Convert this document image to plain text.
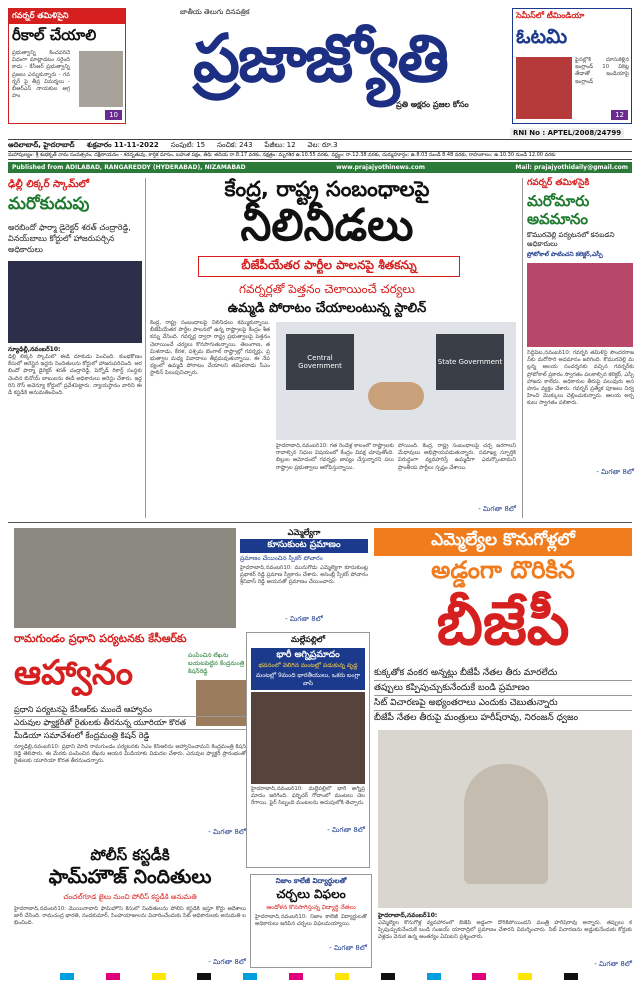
గవర్నర్ తమిళిసైని
రీకాల్ చేయాలి
ప్రభుత్వాన్ని కించపరిచే విధంగా మాట్లాడటం సరైంది కాదు - కేసీఆర్ ప్రభుత్వాన్ని ప్రజలు ఎన్నుకున్నారు - గవర్నర్ పై తీవ్ర విమర్శలు - బీఆర్ఎస్ నాయకుల ఆగ్రహం
10
జాతీయ తెలుగు దినపత్రిక
ప్రజాజ్యోతి
ప్రతి అక్షరం ప్రజల కోసం
సెమీస్‌లో టీమిండియా
ఓటమి
ఫైనల్లోకి దూసుకెళ్లిన ఇంగ్లాండ్ 10 వికెట్ల తేడాతో ఇండియాపై ఇంగ్లాండ్
12
RNI No : APTEL/2008/24799
ఆదిలాబాద్, హైదరాబాద్ శుక్రవారం 11-11-2022 సంపుటి: 15 సంచిక: 243 పేజీలు: 12 వెల: రూ.3
మహాపుణ్యం: శ్రీ శుభకృత్ నామ సంవత్సరం, దక్షిణాయనం - శరదృతువు, కార్తిక మాసం, బహుళ పక్షం, తిథి: తదియ రా.8.17 వరకు, నక్షత్రం: మృగశిర ఉ.10.55 వరకు, వర్జ్యం: రా.12.38 వరకు, దుర్ముహూర్తం: ఉ.8.03 నుండి 8.48 వరకు, రాహుకాలం: ఉ.10.30 నుండి 12.00 వరకు
Published from ADILABAD, RANGAREDDY (HYDERABAD), NIZAMABAD	www.prajajyothinews.com	Mail: prajajyothidaily@gmail.com
ఢిల్లీ లిక్కర్ స్కామ్‌లో
మరోకుదుపు
అరబిందో ఫార్మా డైరెక్టర్ శరత్ చంద్రారెడ్డి, వినయ్‌బాబు కోర్టులో హాజరుపర్చిన అధికారులు
న్యూఢిల్లీ,నవంబర్10:
ఢిల్లీ లిక్కర్ స్కామ్‌లో ఈడీ దూకుడు పెంచింది. కుంభకోణం కేసులో అరెస్టైన ఇద్దరు నిందితులను కోర్టులో హాజరుపరిచింది. అరబిందో ఫార్మా డైరెక్టర్ శరత్ చంద్రారెడ్డి, పెర్నోడ్ రికార్డ్ సంస్థకు చెందిన బినోయ్ బాబులను ఈడీ అధికారులు అరెస్టు చేశారు. ఇద్దరిని రౌస్ అవెన్యూ కోర్టులో ప్రవేశపెట్టారు. న్యాయస్థానం వారిని ఈడీ కస్టడీకి అనుమతించింది.
కేంద్ర, రాష్ట్ర సంబంధాలపై
నీలినీడలు
బీజేపీయేతర పార్టీల పాలనపై శీతకన్ను
గవర్నర్లతో పెత్తనం చెలాయించే చర్యలు
ఉమ్మడి పోరాటం చేయాలంటున్న స్టాలిన్
కేంద్ర, రాష్ట్ర సంబంధాలపై నీలినీడలు కమ్ముకున్నాయి. బీజేపీయేతర పార్టీల పాలనలో ఉన్న రాష్ట్రాలపై కేంద్రం శీతకన్ను వేసింది. గవర్నర్ల ద్వారా రాష్ట్ర ప్రభుత్వాలపై పెత్తనం చెలాయించే చర్యలు కొనసాగుతున్నాయి. తెలంగాణ, తమిళనాడు, కేరళ, పశ్చిమ బెంగాల్ రాష్ట్రాల్లో గవర్నర్లు, ప్రభుత్వాల మధ్య వివాదాలు తీవ్రమవుతున్నాయి. ఈ నేపథ్యంలో ఉమ్మడి పోరాటం చేయాలని తమిళనాడు సీఎం స్టాలిన్ పిలుపునిచ్చారు.
Central Government	State Government
హైదరాబాద్,నవంబర్10: గత రెండేళ్ల కాలంలో రాష్ట్రాలకు రావాల్సిన నిధుల విషయంలో కేంద్రం వివక్ష చూపుతోంది. బిల్లుల ఆమోదంలో గవర్నర్లు జాప్యం చేస్తున్నారని పలు రాష్ట్రాల ప్రభుత్వాలు ఆరోపిస్తున్నాయి.
పోయింది. కేంద్ర, రాష్ట్ర సంబంధాలపై చర్చ జరగాలని మేధావులు అభిప్రాయపడుతున్నారు. సమాఖ్య స్ఫూర్తికి విరుద్ధంగా వ్యవహరిస్తే ఉమ్మడిగా ఎదుర్కొంటామని ప్రాంతీయ పార్టీలు స్పష్టం చేశాయి.
- మిగతా 8లో
గవర్నర్ తమిళసైకి
మరోమారు అవమానం
కొమురవెల్లి పర్యటనలో కనబడని అధికారులు
ప్రోటోకాల్ పాటించని కలెక్టర్,ఎస్పీ
సిద్దిపేట,నవంబర్10: గవర్నర్ తమిళిసై సౌందరరాజన్‌కు మరోసారి అవమానం జరిగింది. కొమురవెల్లి మల్లన్న ఆలయ సందర్శనకు వచ్చిన గవర్నర్‌కు ప్రోటోకాల్ ప్రకారం స్వాగతం పలకాల్సిన కలెక్టర్, ఎస్పీ హాజరు కాలేదు. అధికారుల తీరుపై పలువురు అసహనం వ్యక్తం చేశారు. గవర్నర్ ప్రత్యేక పూజలు నిర్వహించి మొక్కులు చెల్లించుకున్నారు. ఆలయ అర్చకులు స్వాగతం పలికారు.
- మిగతా 8లో
ఎమ్మెల్యేగా
కూసుకుంట ప్రమాణం
ప్రమాణం చేయించిన స్పీకర్ పోచారం
హైదరాబాద్,నవంబర్10: మునుగోడు ఎమ్మెల్యేగా కూసుకుంట్ల ప్రభాకర్ రెడ్డి ప్రమాణ స్వీకారం చేశారు. అసెంబ్లీ స్పీకర్ పోచారం శ్రీనివాస్ రెడ్డి ఆయనతో ప్రమాణం చేయించారు.
- మిగతా 8లో
ఎమ్మెల్యేల కొనుగోళ్లలో
అడ్డంగా దొరికిన
బీజేపీ
కుక్కతోక వంకర అన్నట్లు బీజేపీ నేతల తీరు మారలేదు
తప్పులు కప్పిపుచ్చుకునేందుకే బండి ప్రమాణం
సిట్ విచారణపై అభ్యంతరాలు ఎందుకు చెబుతున్నారు
బీజేపీ నేతల తీరుపై మంత్రులు హరీష్‌రావు, నిరంజన్ ధ్వజం
హైదరాబాద్,నవంబర్10:
ఎమ్మెల్యేల కొనుగోళ్ల వ్యవహారంలో బీజేపీ అడ్డంగా దొరికిపోయిందని మంత్రి హరీష్‌రావు అన్నారు. తప్పులు కప్పిపుచ్చుకునేందుకే బండి సంజయ్ యాదాద్రిలో ప్రమాణం చేశారని విమర్శించారు. సిట్ విచారణను అడ్డుకునేందుకు కోర్టుకు వెళ్లడం వెనుక ఉన్న ఆంతర్యం ఏమిటని ప్రశ్నించారు.
- మిగతా 8లో
రామగుండం ప్రధాని పర్యటనకు కేసీఆర్‌కు
ఆహ్వానం	పంపించిన లేఖను బయటపెట్టిన కేంద్రమంత్రి కిషన్‌రెడ్డి
ప్రధాని పర్యటనపై కేసీఆర్‌కు ముందే ఆహ్వానం
ఎరువుల ఫ్యాక్టరీతో రైతులకు తీరనున్న యూరియా కొరత
మీడియా సమావేశంలో కేంద్రమంత్రి కిషన్ రెడ్డి
న్యూఢిల్లీ,నవంబర్10: ప్రధాని మోదీ రామగుండం పర్యటనకు సీఎం కేసీఆర్‌ను ఆహ్వానించామని కేంద్రమంత్రి కిషన్ రెడ్డి తెలిపారు. ఈ మేరకు పంపించిన లేఖను ఆయన మీడియాకు విడుదల చేశారు. ఎరువుల ఫ్యాక్టరీ ప్రారంభంతో రైతులకు యూరియా కొరత తీరనుందన్నారు.
- మిగతా 8లో
మల్లేపల్లిలో
భారీ అగ్నిప్రమాదం
భవనంలో వెలిగిన మంటల్లో పడుకున్న వృద్ధ
మంటల్లో 9మంది భారతీయులు, ఒకరు బంగ్లా వాసి
హైదరాబాద్,నవంబర్10: మల్లేపల్లిలో భారీ అగ్నిప్రమాదం జరిగింది. ఫర్నిచర్ గోదాంలో మంటలు చెలరేగాయి. ఫైర్ సిబ్బంది మంటలను అదుపులోకి తెచ్చారు.
- మిగతా 8లో
పోలీస్ కస్టడీకి
ఫామ్‌హౌజ్ నిందితులు
చంచల్‌గూడ జైలు నుంచి పోలీస్ కస్టడీకి అనుమతి
హైదరాబాద్,నవంబర్10: మొయినాబాద్ ఫామ్‌హౌస్ కేసులో నిందితులను పోలీస్ కస్టడీకి ఇస్తూ కోర్టు ఆదేశాలు జారీ చేసింది. రామచంద్ర భారతి, నందకుమార్, సింహయాజులను విచారించేందుకు సిట్ అధికారులకు అనుమతి లభించింది.
- మిగతా 8లో
నిజాం కాలేజీ విద్యార్థులతో
చర్చలు విఫలం
ఆందోళన కొనసాగిస్తున్న విద్యార్థి నేతలు
హైదరాబాద్,నవంబర్10: నిజాం కాలేజీ విద్యార్థులతో అధికారులు జరిపిన చర్చలు విఫలమయ్యాయి.
- మిగతా 8లో
